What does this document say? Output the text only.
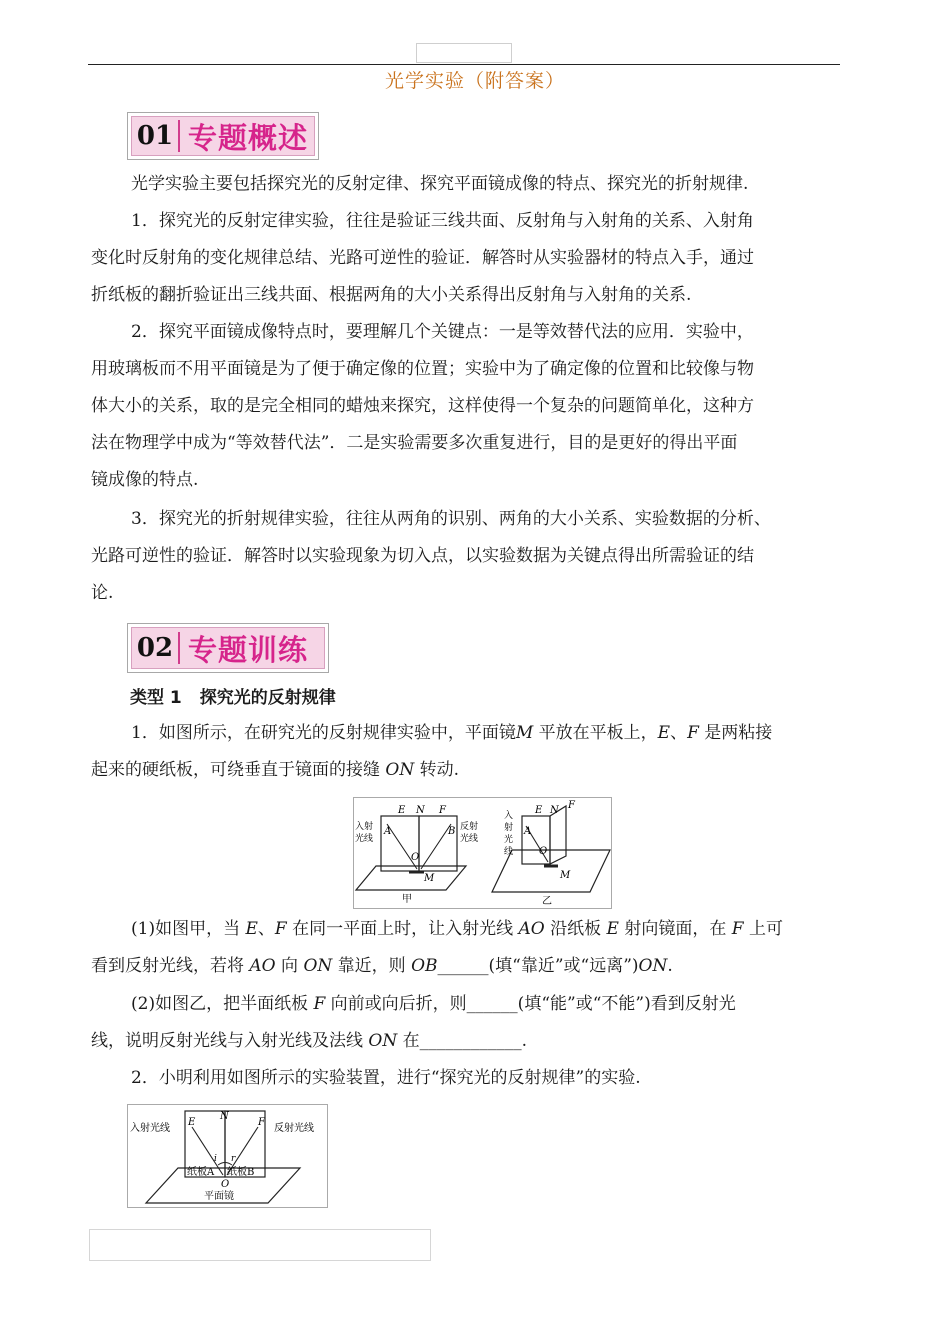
光学实验（附答案）
01 专题概述
光学实验主要包括探究光的反射定律、探究平面镜成像的特点、探究光的折射规律.
1．探究光的反射定律实验，往往是验证三线共面、反射角与入射角的关系、入射角
变化时反射角的变化规律总结、光路可逆性的验证．解答时从实验器材的特点入手，通过
折纸板的翻折验证出三线共面、根据两角的大小关系得出反射角与入射角的关系.
2．探究平面镜成像特点时，要理解几个关键点：一是等效替代法的应用．实验中，
用玻璃板而不用平面镜是为了便于确定像的位置；实验中为了确定像的位置和比较像与物
体大小的关系，取的是完全相同的蜡烛来探究，这样使得一个复杂的问题简单化，这种方
法在物理学中成为“等效替代法”．二是实验需要多次重复进行，目的是更好的得出平面
镜成像的特点.
3．探究光的折射规律实验，往往从两角的识别、两角的大小关系、实验数据的分析、
光路可逆性的验证．解答时以实验现象为切入点，以实验数据为关键点得出所需验证的结
论.
02 专题训练
类型 1 探究光的反射规律
1．如图所示，在研究光的反射规律实验中，平面镜M 平放在平板上，E、F 是两粘接
起来的硬纸板，可绕垂直于镜面的接缝 ON 转动.
E N F
A	B
O
M
入射
光线
反射
光线
甲
E N F
A
O
M
入
射
光
线
乙
(1)如图甲，当 E、F 在同一平面上时，让入射光线 AO 沿纸板 E 射向镜面，在 F 上可
看到反射光线，若将 AO 向 ON 靠近，则 OB______(填“靠近”或“远离”)ON.
(2)如图乙，把半面纸板 F 向前或向后折，则______(填“能”或“不能”)看到反射光
线，说明反射光线与入射光线及法线 ON 在____________.
2．小明利用如图所示的实验装置，进行“探究光的反射规律”的实验.
入射光线	反射光线
E
N
F
i r
纸板A 纸板B
O
平面镜
